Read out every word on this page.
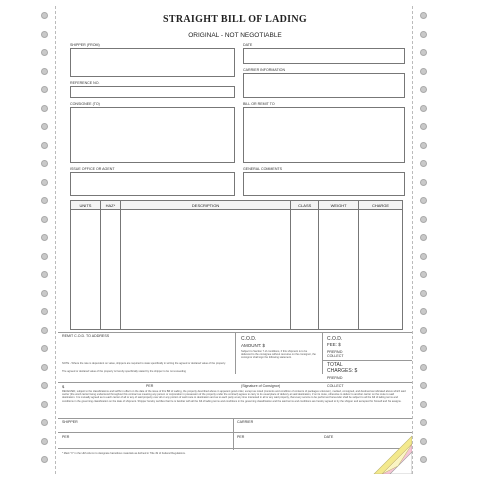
STRAIGHT BILL OF LADING
ORIGINAL - NOT NEGOTIABLE
SHIPPER (FROM)
REFERENCE NO.
CONSIGNEE (TO)
ISSUE OFFICE OR AGENT
DATE
CARRIER INFORMATION
BILL OR REMIT TO
GENERAL COMMENTS
UNITS	HAZ*	DESCRIPTION	CLASS	WEIGHT	CHARGE

REMIT C.O.D. TO ADDRESS	C.O.D.
AMOUNT: $
Subject to Section 7 of conditions, if this shipment is to be delivered to the consignee without recourse on the consignor, the consignor shall sign the following statement.
C.O.D.
FEE: $
PREPAID
COLLECT
TOTAL
CHARGES: $
NOTE - Where the rate is dependent on value, shippers are required to state specifically in writing the agreed or declared value of the property.
The agreed or declared value of the property is hereby specifically stated by the shipper to be not exceeding
$	PER	(Signature of Consignor)
PREPAID
COLLECT
RECEIVED, subject to the classifications and tariffs in effect on the date of the issue of this Bill of Lading, the property described above in apparent good order, except as noted (contents and condition of contents of packages unknown), marked, consigned, and destined as indicated above which said carrier (the word carrier being understood throughout this contract as meaning any person or corporation in possession of the property under the contract) agrees to carry to its usual place of delivery at said destination, if on its route, otherwise to deliver to another carrier on the route to said destination. It is mutually agreed as to each carrier of all or any of said property over all or any portion of said route to destination and as to each party at any time interested in all or any said property, that every service to be performed hereunder shall be subject to all the bill of lading terms and conditions in the governing classification on the date of shipment. Shipper hereby certifies that he is familiar with all the bill of lading terms and conditions in the governing classification and the said terms and conditions are hereby agreed to by the shipper and accepted for himself and his assigns.
SHIPPER	CARRIER
PER	PER	DATE
* Mark "X" in the HM column to designate hazardous materials as defined in Title 49 of Federal Regulations.
